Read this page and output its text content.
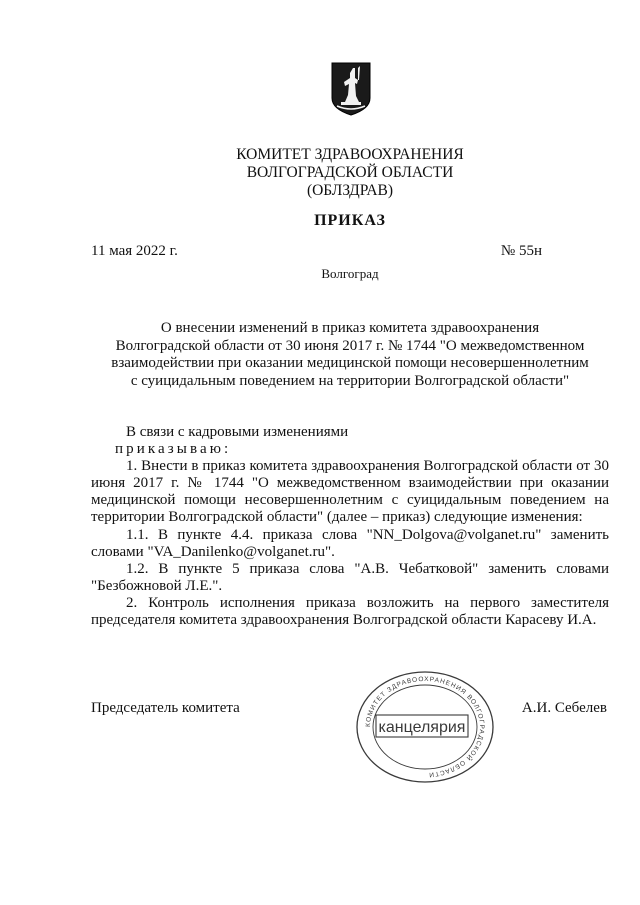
КОМИТЕТ ЗДРАВООХРАНЕНИЯ
ВОЛГОГРАДСКОЙ ОБЛАСТИ
(ОБЛЗДРАВ)
ПРИКАЗ
11 мая 2022 г.	№ 55н
Волгоград
О внесении изменений в приказ комитета здравоохранения
Волгоградской области от 30 июня 2017 г. № 1744 "О межведомственном
взаимодействии при оказании медицинской помощи несовершеннолетним
с суицидальным поведением на территории Волгоградской области"

В связи с кадровыми изменениями

приказываю:

1. Внести в приказ комитета здравоохранения Волгоградской области от 30 июня 2017 г. № 1744 "О межведомственном взаимодействии при оказании медицинской помощи несовершеннолетним с суицидальным поведением на территории Волгоградской области" (далее – приказ) следующие изменения:

1.1. В пункте 4.4. приказа слова "NN_Dolgova@volganet.ru" заменить словами "VA_Danilenko@volganet.ru".

1.2. В пункте 5 приказа слова "А.В. Чебатковой" заменить словами "Безбожновой Л.Е.".

2. Контроль исполнения приказа возложить на первого заместителя председателя комитета здравоохранения Волгоградской области Карасеву И.А.

Председатель комитета	А.И. Себелев
КОМИТЕТ ЗДРАВООХРАНЕНИЯ ВОЛГОГРАДСКОЙ ОБЛАСТИ
канцелярия
